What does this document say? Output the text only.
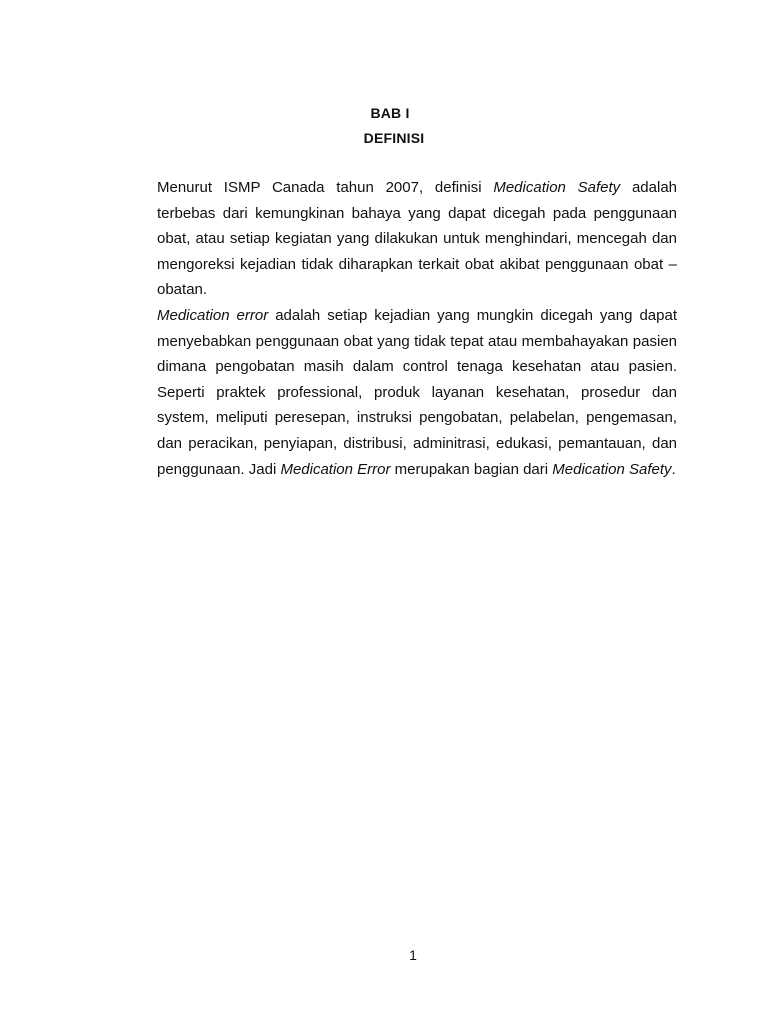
BAB I
DEFINISI

Menurut ISMP Canada tahun 2007, definisi Medication Safety adalah terbebas dari kemungkinan bahaya yang dapat dicegah pada penggunaan obat, atau setiap kegiatan yang dilakukan untuk menghindari, mencegah dan mengoreksi kejadian tidak diharapkan terkait obat akibat penggunaan obat – obatan.

Medication error adalah setiap kejadian yang mungkin dicegah yang dapat menyebabkan penggunaan obat yang tidak tepat atau membahayakan pasien dimana pengobatan masih dalam control tenaga kesehatan atau pasien. Seperti praktek professional, produk layanan kesehatan, prosedur dan system, meliputi peresepan, instruksi pengobatan, pelabelan, pengemasan, dan peracikan, penyiapan, distribusi, adminitrasi, edukasi, pemantauan, dan penggunaan. Jadi Medication Error merupakan bagian dari Medication Safety.

1
